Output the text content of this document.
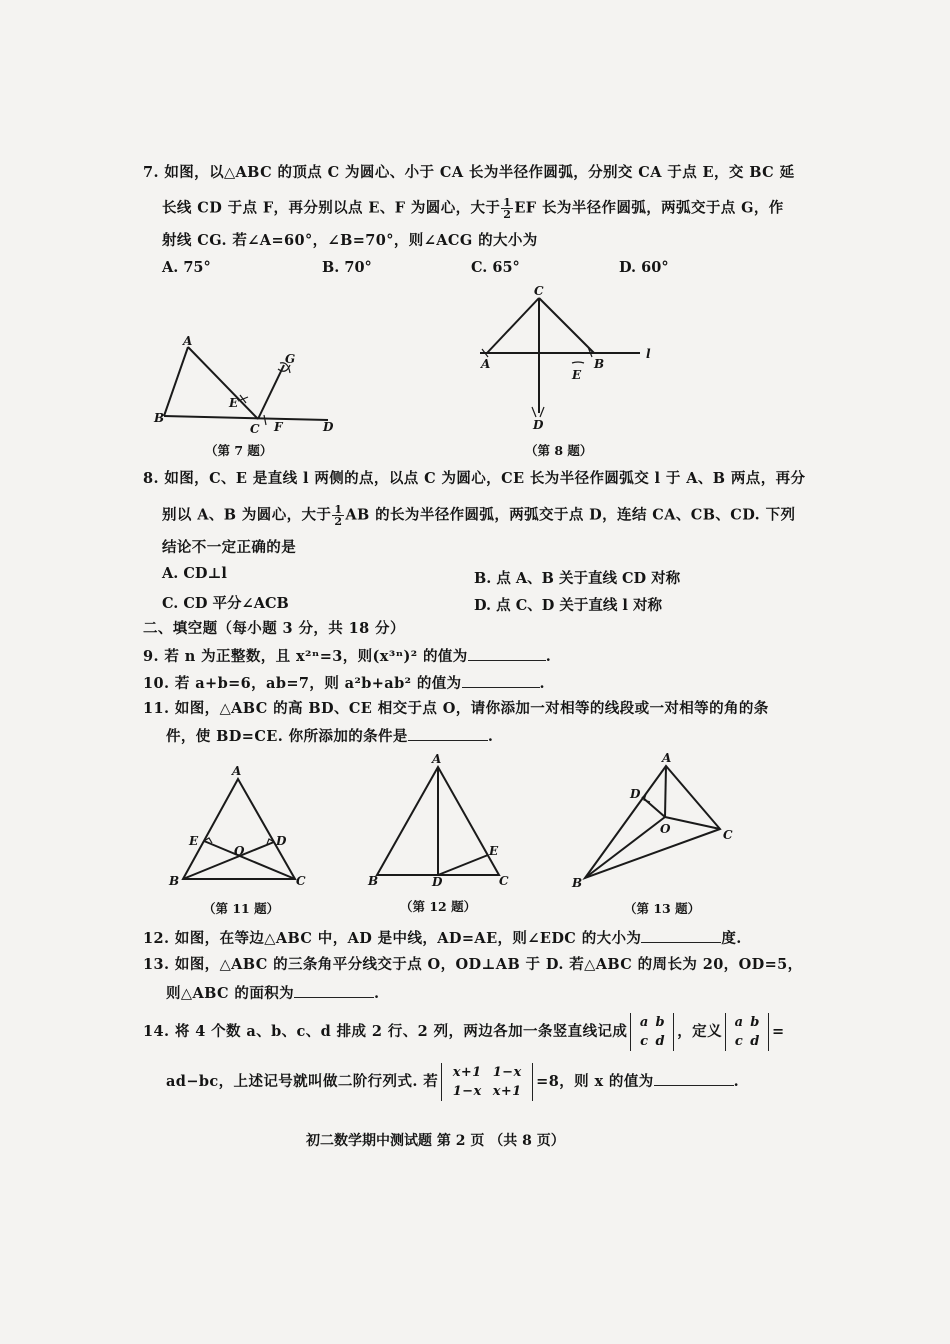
7. 如图，以△ABC 的顶点 C 为圆心、小于 CA 长为半径作圆弧，分别交 CA 于点 E，交 BC 延
长线 CD 于点 F，再分别以点 E、F 为圆心，大于 $\frac{1}{2}$ EF 长为半径作圆弧，两弧交于点 G，作
射线 CG. 若∠A=60°，∠B=70°，则∠ACG 的大小为
A. 75°	B. 70°	C. 65°	D. 60°
A
B
C	D
E
F
G
（第 7 题）
C
A	B
E
D
l
（第 8 题）
8. 如图，C、E 是直线 l 两侧的点，以点 C 为圆心，CE 长为半径作圆弧交 l 于 A、B 两点，再分
别以 A、B 为圆心，大于 $\frac{1}{2}$ AB 的长为半径作圆弧，两弧交于点 D，连结 CA、CB、CD. 下列
结论不一定正确的是
A. CD⊥l	B. 点 A、B 关于直线 CD 对称
C. CD 平分∠ACB	D. 点 C、D 关于直线 l 对称
二、填空题（每小题 3 分，共 18 分）
9. 若 n 为正整数，且 x²ⁿ=3，则(x³ⁿ)² 的值为	.
10. 若 a+b=6，ab=7，则 a²b+ab² 的值为	.
11. 如图，△ABC 的高 BD、CE 相交于点 O，请你添加一对相等的线段或一对相等的角的条
件，使 BD=CE. 你所添加的条件是	.
A
E	D
O
B	C
（第 11 题）
A
E
B	D	C
（第 12 题）
A
D
O	C
B
（第 13 题）
12. 如图，在等边△ABC 中，AD 是中线，AD=AE，则∠EDC 的大小为	度.
13. 如图，△ABC 的三条角平分线交于点 O，OD⊥AB 于 D. 若△ABC 的周长为 20，OD=5，
则△ABC 的面积为	.
14. 将 4 个数 a、b、c、d 排成 2 行、2 列，两边各加一条竖直线记成
a b
c d
，定义
a b
c d
=
ad−bc，上述记号就叫做二阶行列式. 若
x+1 1−x
1−x x+1
=8，则 x 的值为	.
初二数学期中测试题 第 2 页 （共 8 页）
